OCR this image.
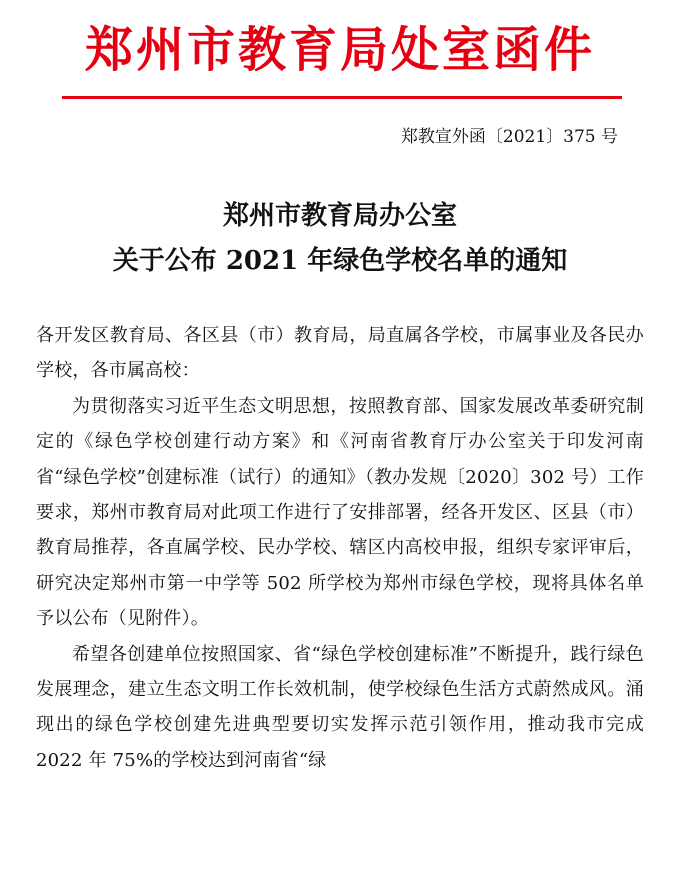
郑州市教育局处室函件
郑教宣外函〔2021〕375 号
郑州市教育局办公室
关于公布 2021 年绿色学校名单的通知

各开发区教育局、各区县（市）教育局，局直属各学校，市属事业及各民办学校，各市属高校：

为贯彻落实习近平生态文明思想，按照教育部、国家发展改革委研究制定的《绿色学校创建行动方案》和《河南省教育厅办公室关于印发河南省“绿色学校”创建标准（试行）的通知》（教办发规〔2020〕302 号）工作要求，郑州市教育局对此项工作进行了安排部署，经各开发区、区县（市）教育局推荐，各直属学校、民办学校、辖区内高校申报，组织专家评审后，研究决定郑州市第一中学等 502 所学校为郑州市绿色学校，现将具体名单予以公布（见附件）。

希望各创建单位按照国家、省“绿色学校创建标准”不断提升，践行绿色发展理念，建立生态文明工作长效机制，使学校绿色生活方式蔚然成风。涌现出的绿色学校创建先进典型要切实发挥示范引领作用，推动我市完成 2022 年 75%的学校达到河南省“绿
